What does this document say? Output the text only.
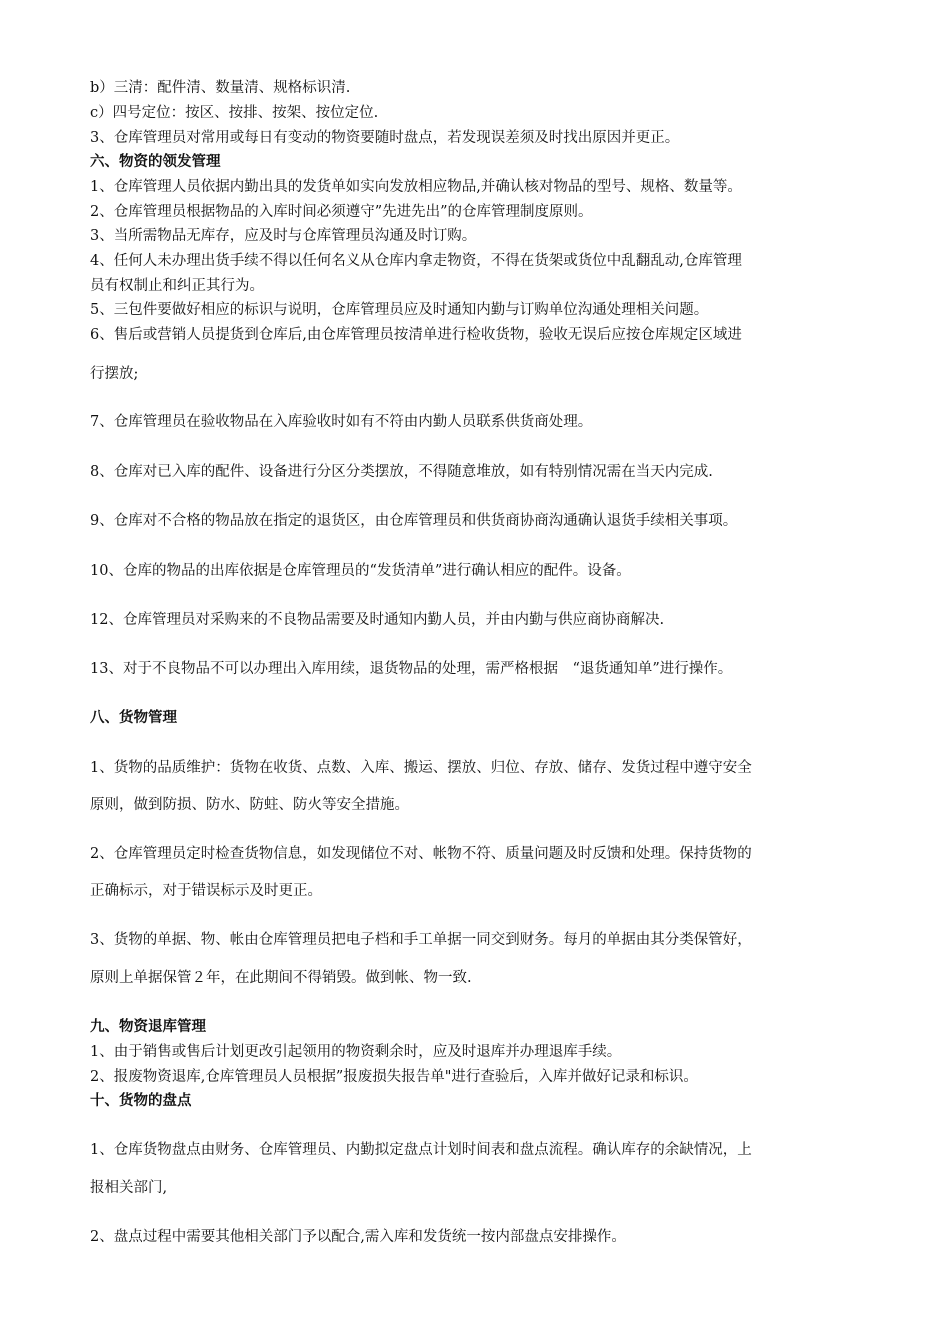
b）三清：配件清、数量清、规格标识清.
c）四号定位：按区、按排、按架、按位定位.
3、仓库管理员对常用或每日有变动的物资要随时盘点，若发现误差须及时找出原因并更正。
六、物资的领发管理
1、仓库管理人员依据内勤出具的发货单如实向发放相应物品,并确认核对物品的型号、规格、数量等。
2、仓库管理员根据物品的入库时间必须遵守”先进先出”的仓库管理制度原则。
3、当所需物品无库存，应及时与仓库管理员沟通及时订购。
4、任何人未办理出货手续不得以任何名义从仓库内拿走物资，不得在货架或货位中乱翻乱动,仓库管理
员有权制止和纠正其行为。
5、三包件要做好相应的标识与说明，仓库管理员应及时通知内勤与订购单位沟通处理相关问题。
6、售后或营销人员提货到仓库后,由仓库管理员按清单进行检收货物，验收无误后应按仓库规定区域进
行摆放;
7、仓库管理员在验收物品在入库验收时如有不符由内勤人员联系供货商处理。
8、仓库对已入库的配件、设备进行分区分类摆放，不得随意堆放，如有特别情况需在当天内完成.
9、仓库对不合格的物品放在指定的退货区，由仓库管理员和供货商协商沟通确认退货手续相关事项。
10、仓库的物品的出库依据是仓库管理员的“发货清单”进行确认相应的配件。设备。
12、仓库管理员对采购来的不良物品需要及时通知内勤人员，并由内勤与供应商协商解决.
13、对于不良物品不可以办理出入库用续，退货物品的处理，需严格根据　“退货通知单”进行操作。
八、货物管理
1、货物的品质维护：货物在收货、点数、入库、搬运、摆放、归位、存放、储存、发货过程中遵守安全
原则，做到防损、防水、防蛀、防火等安全措施。
2、仓库管理员定时检查货物信息，如发现储位不对、帐物不符、质量问题及时反馈和处理。保持货物的
正确标示，对于错误标示及时更正。
3、货物的单据、物、帐由仓库管理员把电子档和手工单据一同交到财务。每月的单据由其分类保管好，
原则上单据保管２年，在此期间不得销毁。做到帐、物一致.
九、物资退库管理
1、由于销售或售后计划更改引起领用的物资剩余时，应及时退库并办理退库手续。
2、报废物资退库,仓库管理员人员根据”报废损失报告单"进行查验后，入库并做好记录和标识。
十、货物的盘点
1、仓库货物盘点由财务、仓库管理员、内勤拟定盘点计划时间表和盘点流程。确认库存的余缺情况，上
报相关部门,
2、盘点过程中需要其他相关部门予以配合,需入库和发货统一按内部盘点安排操作。
